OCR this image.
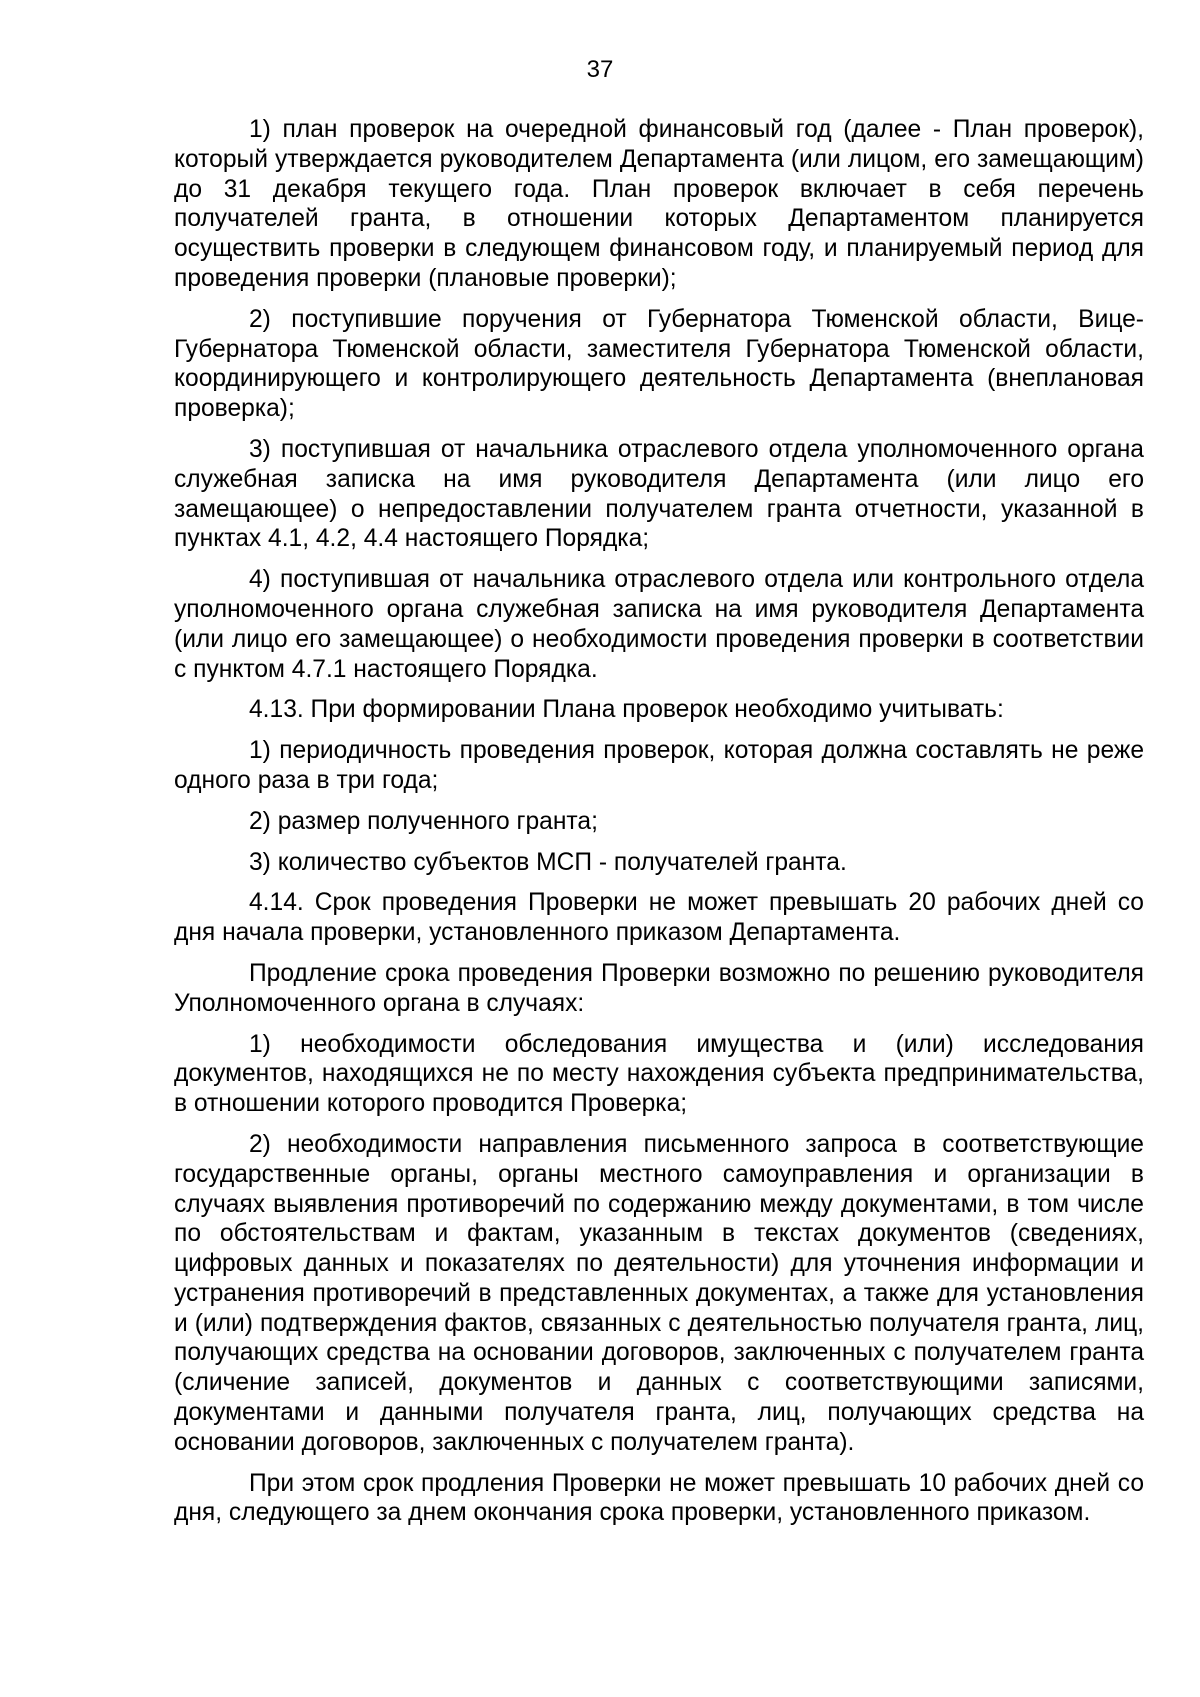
37

1) план проверок на очередной финансовый год (далее - План проверок), который утверждается руководителем Департамента (или лицом, его замещающим) до 31 декабря текущего года. План проверок включает в себя перечень получателей гранта, в отношении которых Департаментом планируется осуществить проверки в следующем финансовом году, и планируемый период для проведения проверки (плановые проверки);

2) поступившие поручения от Губернатора Тюменской области, Вице-Губернатора Тюменской области, заместителя Губернатора Тюменской области, координирующего и контролирующего деятельность Департамента (внеплановая проверка);

3) поступившая от начальника отраслевого отдела уполномоченного органа служебная записка на имя руководителя Департамента (или лицо его замещающее) о непредоставлении получателем гранта отчетности, указанной в пунктах 4.1, 4.2, 4.4 настоящего Порядка;

4) поступившая от начальника отраслевого отдела или контрольного отдела уполномоченного органа служебная записка на имя руководителя Департамента (или лицо его замещающее) о необходимости проведения проверки в соответствии с пунктом 4.7.1 настоящего Порядка.

4.13. При формировании Плана проверок необходимо учитывать:

1) периодичность проведения проверок, которая должна составлять не реже одного раза в три года;

2) размер полученного гранта;

3) количество субъектов МСП - получателей гранта.

4.14. Срок проведения Проверки не может превышать 20 рабочих дней со дня начала проверки, установленного приказом Департамента.

Продление срока проведения Проверки возможно по решению руководителя Уполномоченного органа в случаях:

1) необходимости обследования имущества и (или) исследования документов, находящихся не по месту нахождения субъекта предпринимательства, в отношении которого проводится Проверка;

2) необходимости направления письменного запроса в соответствующие государственные органы, органы местного самоуправления и организации в случаях выявления противоречий по содержанию между документами, в том числе по обстоятельствам и фактам, указанным в текстах документов (сведениях, цифровых данных и показателях по деятельности) для уточнения информации и устранения противоречий в представленных документах, а также для установления и (или) подтверждения фактов, связанных с деятельностью получателя гранта, лиц, получающих средства на основании договоров, заключенных с получателем гранта (сличение записей, документов и данных с соответствующими записями, документами и данными получателя гранта, лиц, получающих средства на основании договоров, заключенных с получателем гранта).

При этом срок продления Проверки не может превышать 10 рабочих дней со дня, следующего за днем окончания срока проверки, установленного приказом.
